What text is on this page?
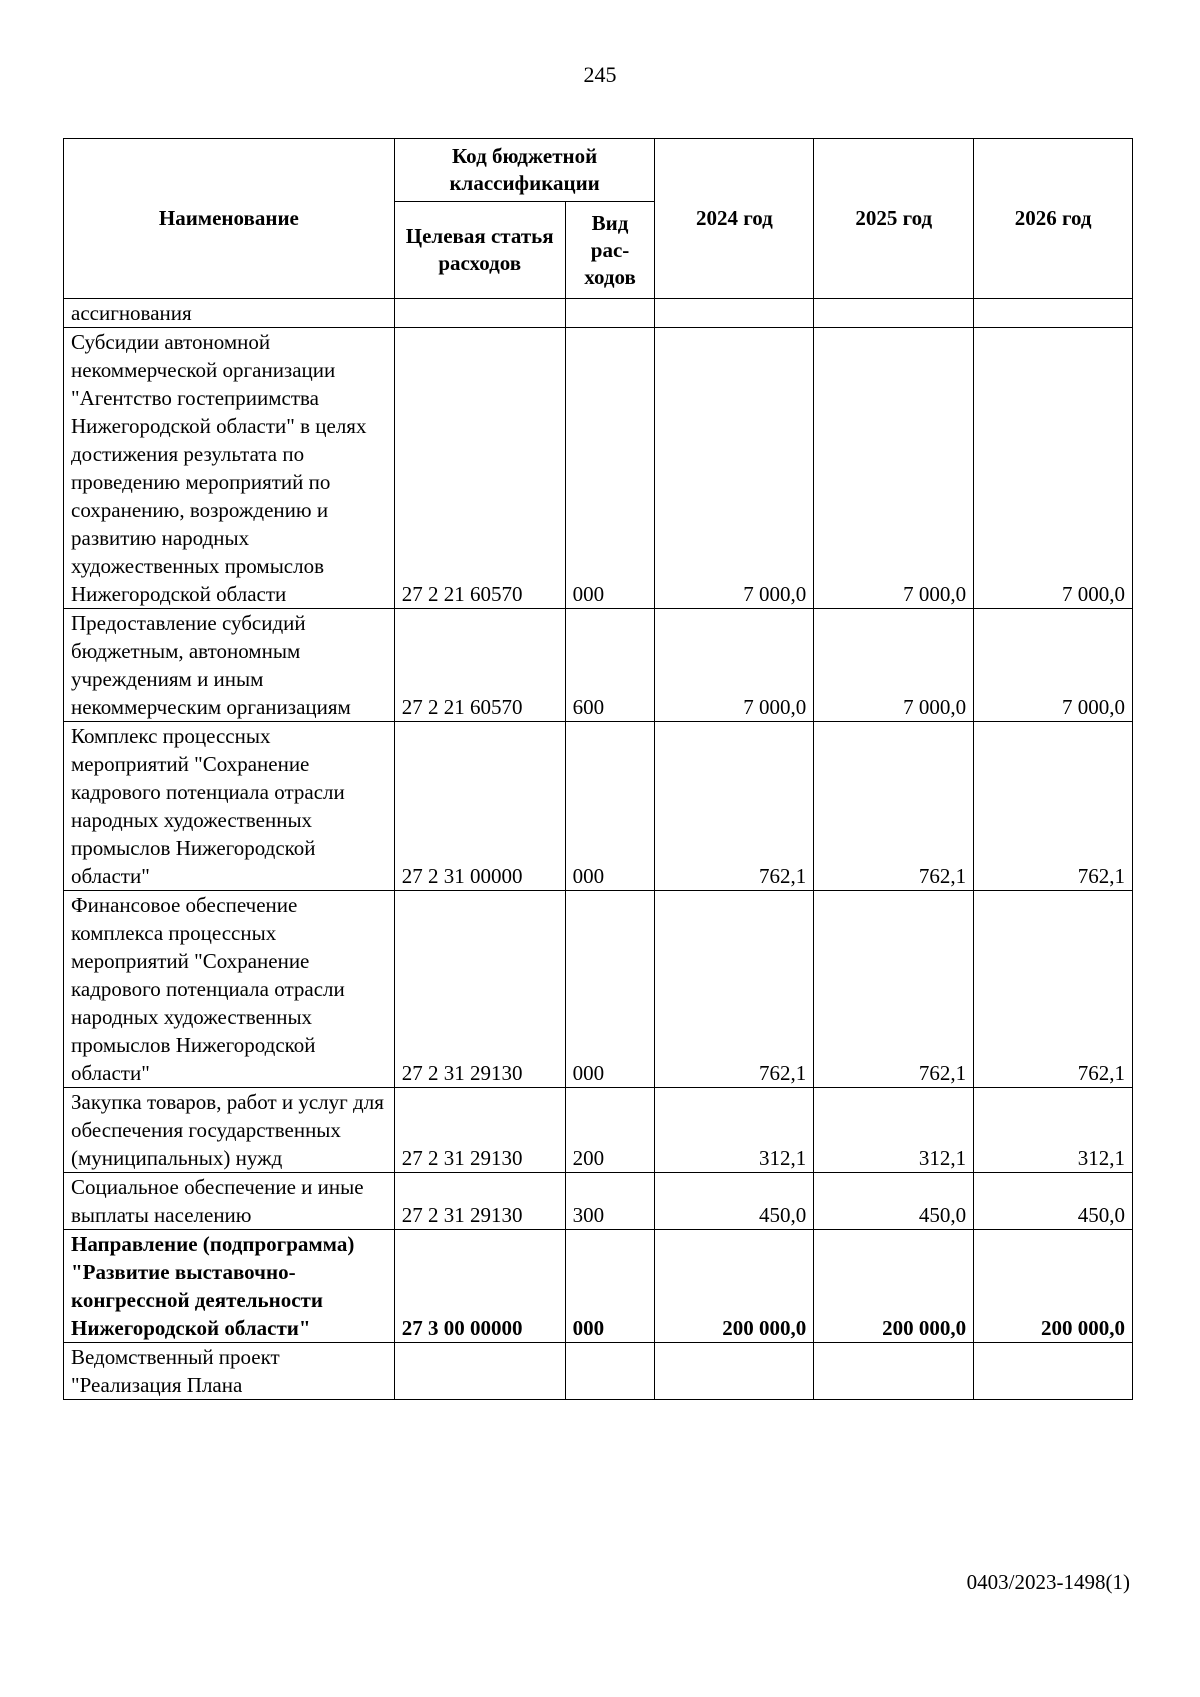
245
Наименование	Код бюджетной классификации		2024 год	2025 год	2026 год
	Целевая статья расходов	Вид рас-ходов			
ассигнования					
Субсидии автономной некоммерческой организации "Агентство гостеприимства Нижегородской области" в целях достижения результата по проведению мероприятий по сохранению, возрождению и развитию народных художественных промыслов Нижегородской области	27 2 21 60570	000	7 000,0	7 000,0	7 000,0
Предоставление субсидий бюджетным, автономным учреждениям и иным некоммерческим организациям	27 2 21 60570	600	7 000,0	7 000,0	7 000,0
Комплекс процессных мероприятий "Сохранение кадрового потенциала отрасли народных художественных промыслов Нижегородской области"	27 2 31 00000	000	762,1	762,1	762,1
Финансовое обеспечение комплекса процессных мероприятий "Сохранение кадрового потенциала отрасли народных художественных промыслов Нижегородской области"	27 2 31 29130	000	762,1	762,1	762,1
Закупка товаров, работ и услуг для обеспечения государственных (муниципальных) нужд	27 2 31 29130	200	312,1	312,1	312,1
Социальное обеспечение и иные выплаты населению	27 2 31 29130	300	450,0	450,0	450,0
Направление (подпрограмма) "Развитие выставочно-конгрессной деятельности Нижегородской области"	27 3 00 00000	000	200 000,0	200 000,0	200 000,0
Ведомственный проект "Реализация Плана					
0403/2023-1498(1)
